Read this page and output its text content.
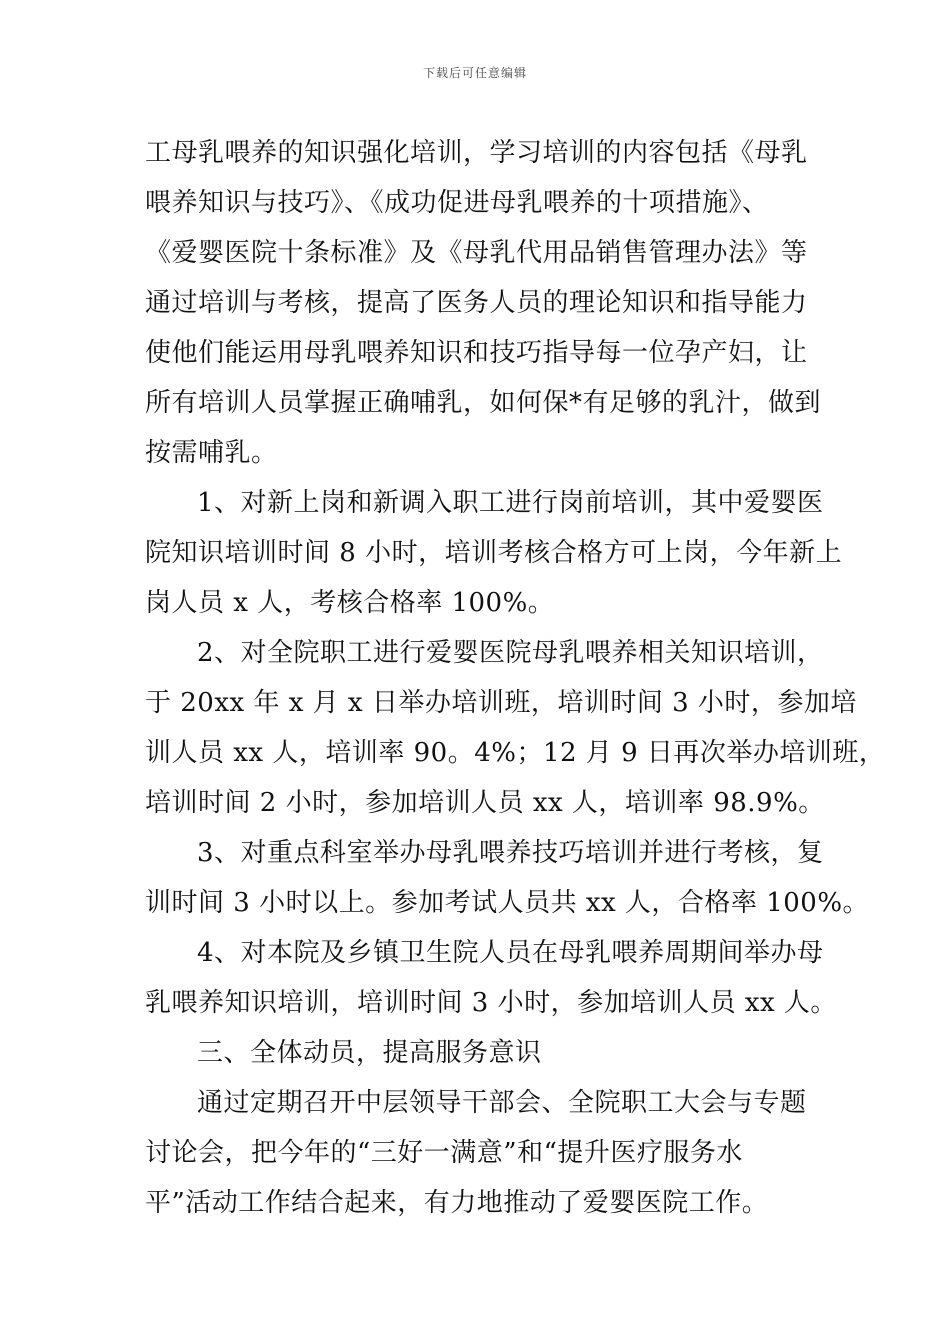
下载后可任意编辑
工母乳喂养的知识强化培训，学习培训的内容包括《母乳
喂养知识与技巧》、《成功促进母乳喂养的十项措施》、
《爱婴医院十条标准》及《母乳代用品销售管理办法》等
通过培训与考核，提高了医务人员的理论知识和指导能力
使他们能运用母乳喂养知识和技巧指导每一位孕产妇，让
所有培训人员掌握正确哺乳，如何保*有足够的乳汁，做到
按需哺乳。
1、对新上岗和新调入职工进行岗前培训，其中爱婴医
院知识培训时间 8 小时，培训考核合格方可上岗，今年新上
岗人员 x 人，考核合格率 100%。
2、对全院职工进行爱婴医院母乳喂养相关知识培训，
于 20xx 年 x 月 x 日举办培训班，培训时间 3 小时，参加培
训人员 xx 人，培训率 90。4%；12 月 9 日再次举办培训班，
培训时间 2 小时，参加培训人员 xx 人，培训率 98.9%。
3、对重点科室举办母乳喂养技巧培训并进行考核，复
训时间 3 小时以上。参加考试人员共 xx 人，合格率 100%。
4、对本院及乡镇卫生院人员在母乳喂养周期间举办母
乳喂养知识培训，培训时间 3 小时，参加培训人员 xx 人。
三、全体动员，提高服务意识
通过定期召开中层领导干部会、全院职工大会与专题
讨论会，把今年的“三好一满意”和“提升医疗服务水
平”活动工作结合起来，有力地推动了爱婴医院工作。
